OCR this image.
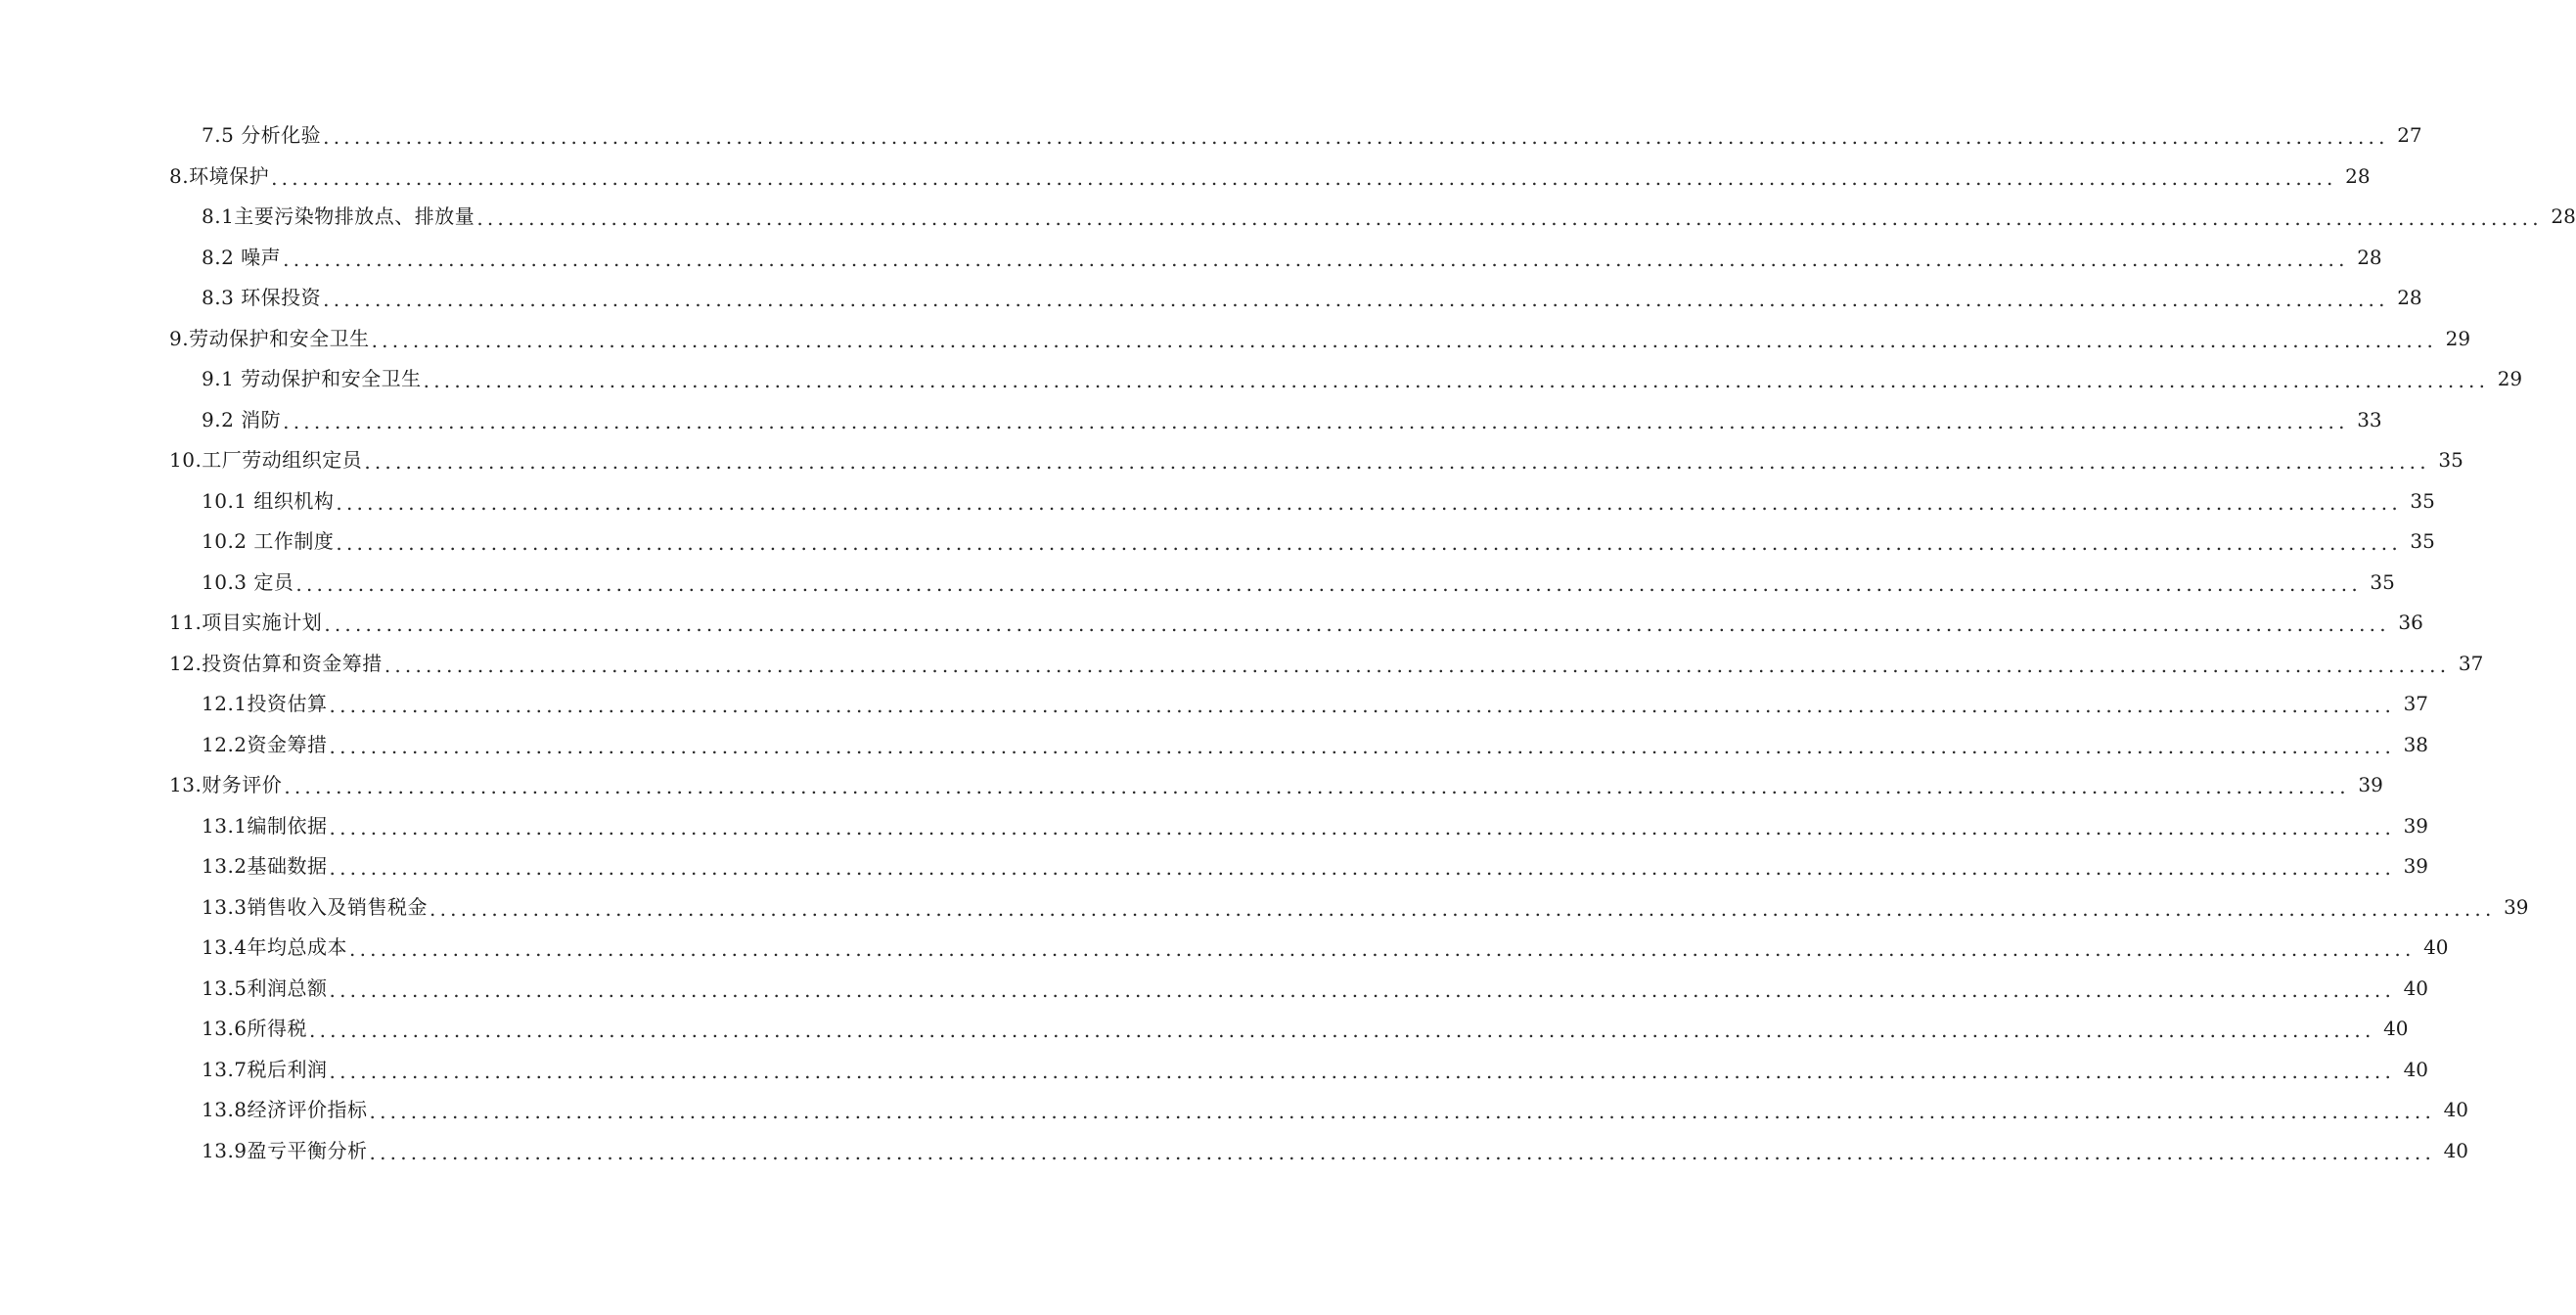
7.5 分析化验 ........................................................................................................................................................................................................ 27
8.环境保护 ........................................................................................................................................................................................................ 28
8.1主要污染物排放点、排放量 ........................................................................................................................................................................................................ 28
8.2 噪声 ........................................................................................................................................................................................................ 28
8.3 环保投资 ........................................................................................................................................................................................................ 28
9.劳动保护和安全卫生 ........................................................................................................................................................................................................ 29
9.1 劳动保护和安全卫生 ........................................................................................................................................................................................................ 29
9.2 消防 ........................................................................................................................................................................................................ 33
10.工厂劳动组织定员 ........................................................................................................................................................................................................ 35
10.1 组织机构 ........................................................................................................................................................................................................ 35
10.2 工作制度 ........................................................................................................................................................................................................ 35
10.3 定员 ........................................................................................................................................................................................................ 35
11.项目实施计划 ........................................................................................................................................................................................................ 36
12.投资估算和资金筹措 ........................................................................................................................................................................................................ 37
12.1投资估算 ........................................................................................................................................................................................................ 37
12.2资金筹措 ........................................................................................................................................................................................................ 38
13.财务评价 ........................................................................................................................................................................................................ 39
13.1编制依据 ........................................................................................................................................................................................................ 39
13.2基础数据 ........................................................................................................................................................................................................ 39
13.3销售收入及销售税金 ........................................................................................................................................................................................................ 39
13.4年均总成本 ........................................................................................................................................................................................................ 40
13.5利润总额 ........................................................................................................................................................................................................ 40
13.6所得税 ........................................................................................................................................................................................................ 40
13.7税后利润 ........................................................................................................................................................................................................ 40
13.8经济评价指标 ........................................................................................................................................................................................................ 40
13.9盈亏平衡分析 ........................................................................................................................................................................................................ 40
